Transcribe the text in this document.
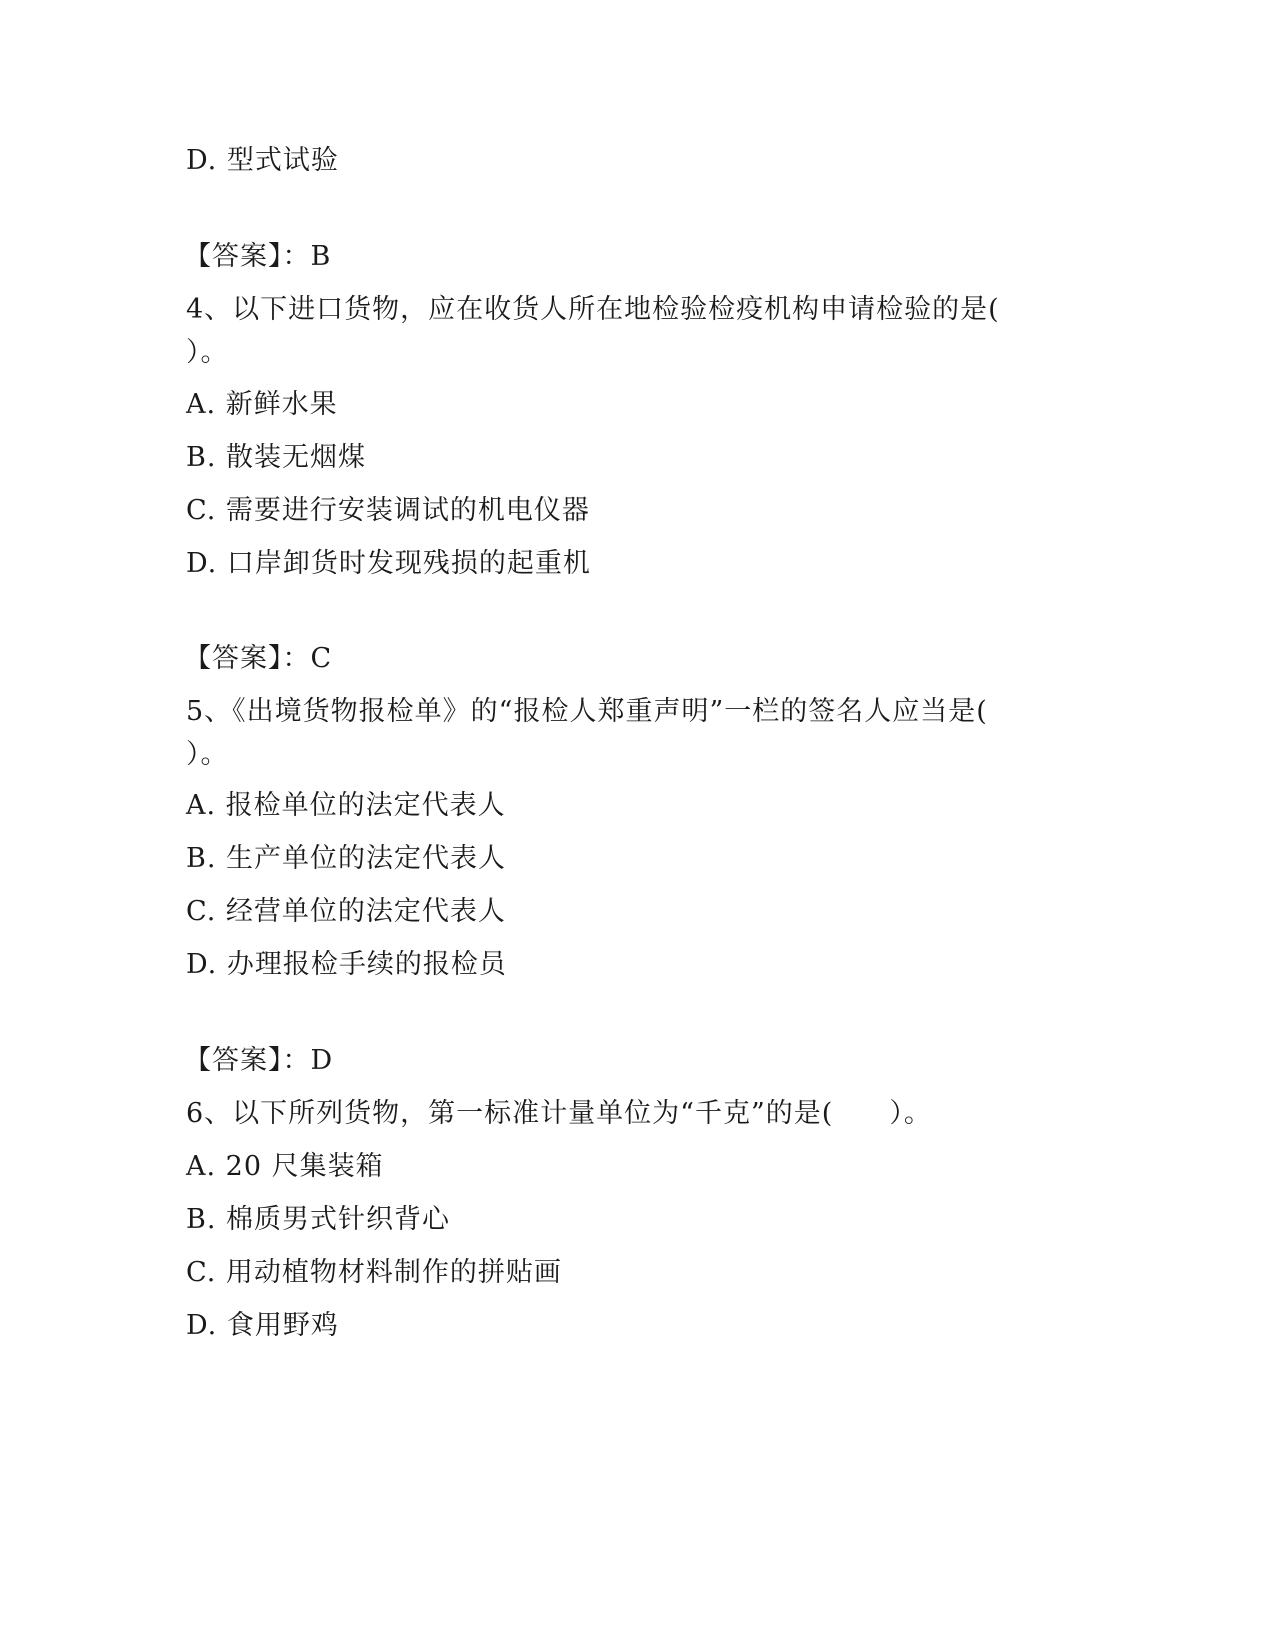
D. 型式试验
【答案】：B
4、以下进口货物，应在收货人所在地检验检疫机构申请检验的是(
）。
A. 新鲜水果
B. 散装无烟煤
C. 需要进行安装调试的机电仪器
D. 口岸卸货时发现残损的起重机
【答案】：C
5、《出境货物报检单》的“报检人郑重声明”一栏的签名人应当是(
）。
A. 报检单位的法定代表人
B. 生产单位的法定代表人
C. 经营单位的法定代表人
D. 办理报检手续的报检员
【答案】：D
6、以下所列货物，第一标准计量单位为“千克”的是(　　）。
A. 20 尺集装箱
B. 棉质男式针织背心
C. 用动植物材料制作的拼贴画
D. 食用野鸡
